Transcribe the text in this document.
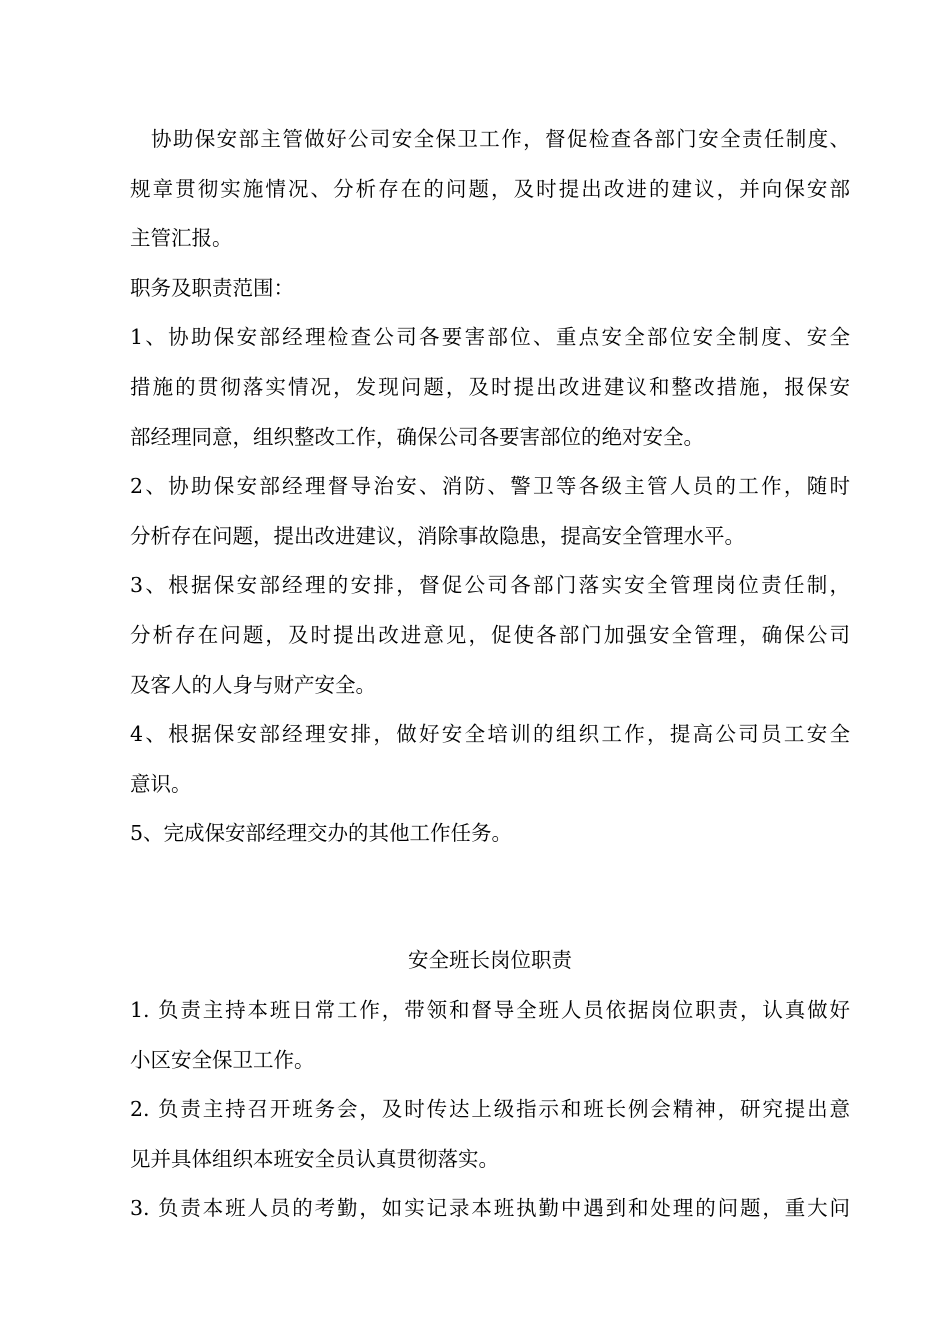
协助保安部主管做好公司安全保卫工作，督促检查各部门安全责任制度、
规章贯彻实施情况、分析存在的问题，及时提出改进的建议，并向保安部
主管汇报。
职务及职责范围：
1、协助保安部经理检查公司各要害部位、重点安全部位安全制度、安全
措施的贯彻落实情况，发现问题，及时提出改进建议和整改措施，报保安
部经理同意，组织整改工作，确保公司各要害部位的绝对安全。
2、协助保安部经理督导治安、消防、警卫等各级主管人员的工作，随时
分析存在问题，提出改进建议，消除事故隐患，提高安全管理水平。
3、根据保安部经理的安排，督促公司各部门落实安全管理岗位责任制，
分析存在问题，及时提出改进意见，促使各部门加强安全管理，确保公司
及客人的人身与财产安全。
4、根据保安部经理安排，做好安全培训的组织工作，提高公司员工安全
意识。
5、完成保安部经理交办的其他工作任务。
安全班长岗位职责
1. 负责主持本班日常工作，带领和督导全班人员依据岗位职责，认真做好
小区安全保卫工作。
2. 负责主持召开班务会，及时传达上级指示和班长例会精神，研究提出意
见并具体组织本班安全员认真贯彻落实。
3. 负责本班人员的考勤，如实记录本班执勤中遇到和处理的问题，重大问
